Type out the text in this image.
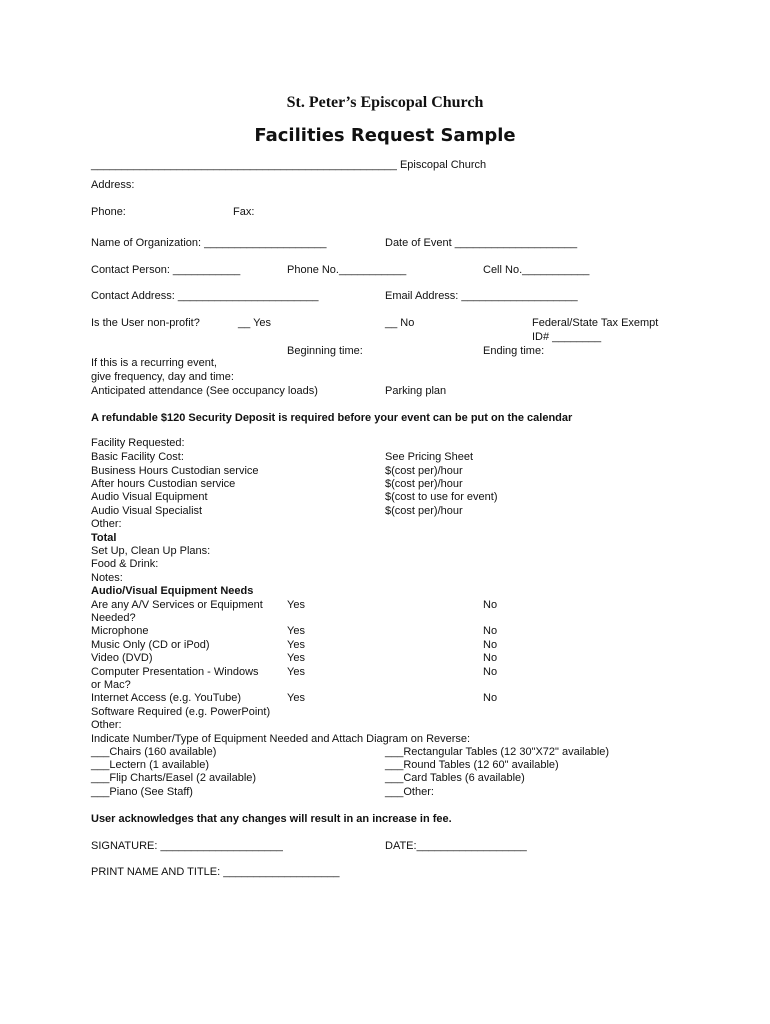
St. Peter’s Episcopal Church
Facilities Request Sample
__________________________________________________ Episcopal Church
Address:
Phone:	Fax:
Name of Organization: ____________________	Date of Event ____________________
Contact Person: ___________	Phone No.___________	Cell No.___________
Contact Address: _______________________	Email Address: ___________________
Is the User non-profit?	__ Yes	__ No	Federal/State Tax Exempt
ID# ________
Beginning time:	Ending time:
If this is a recurring event,
give frequency, day and time:
Anticipated attendance (See occupancy loads)	Parking plan
A refundable $120 Security Deposit is required before your event can be put on the calendar
Facility Requested:
Basic Facility Cost:	See Pricing Sheet
Business Hours Custodian service	$(cost per)/hour
After hours Custodian service	$(cost per)/hour
Audio Visual Equipment	$(cost to use for event)
Audio Visual Specialist	$(cost per)/hour
Other:
Total
Set Up, Clean Up Plans:
Food & Drink:
Notes:
Audio/Visual Equipment Needs
Are any A/V Services or Equipment
Needed?
Yes	No
Microphone	Yes	No
Music Only (CD or iPod)	Yes	No
Video (DVD)	Yes	No
Computer Presentation - Windows
or Mac?
Yes	No
Internet Access (e.g. YouTube)	Yes	No
Software Required (e.g. PowerPoint)
Other:
Indicate Number/Type of Equipment Needed and Attach Diagram on Reverse:
___Chairs (160 available)	___Rectangular Tables (12 30"X72" available)
___Lectern (1 available)	___Round Tables (12 60" available)
___Flip Charts/Easel (2 available)	___Card Tables (6 available)
___Piano (See Staff)	___Other:
User acknowledges that any changes will result in an increase in fee.
SIGNATURE: ____________________	DATE:__________________
PRINT NAME AND TITLE: ___________________
